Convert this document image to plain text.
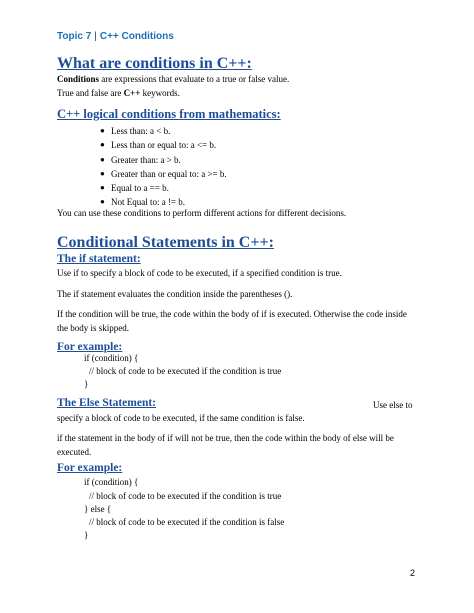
Topic 7 | C++ Conditions
What are conditions in C++:
Conditions are expressions that evaluate to a true or false value.
True and false are C++ keywords.
C++ logical conditions from mathematics:
● Less than: a < b.
● Less than or equal to: a <= b.
● Greater than: a > b.
● Greater than or equal to: a >= b.
● Equal to a == b.
● Not Equal to: a != b.
You can use these conditions to perform different actions for different decisions.
Conditional Statements in C++:
The if statement:
Use if to specify a block of code to be executed, if a specified condition is true.
The if statement evaluates the condition inside the parentheses ().
If the condition will be true, the code within the body of if is executed. Otherwise the code inside the body is skipped.
For example:
if (condition) {
// block of code to be executed if the condition is true
}
The Else Statement:	Use else to
specify a block of code to be executed, if the same condition is false.
if the statement in the body of if will not be true, then the code within the body of else will be executed.
For example:
if (condition) {
// block of code to be executed if the condition is true
} else {
// block of code to be executed if the condition is false
}
2
